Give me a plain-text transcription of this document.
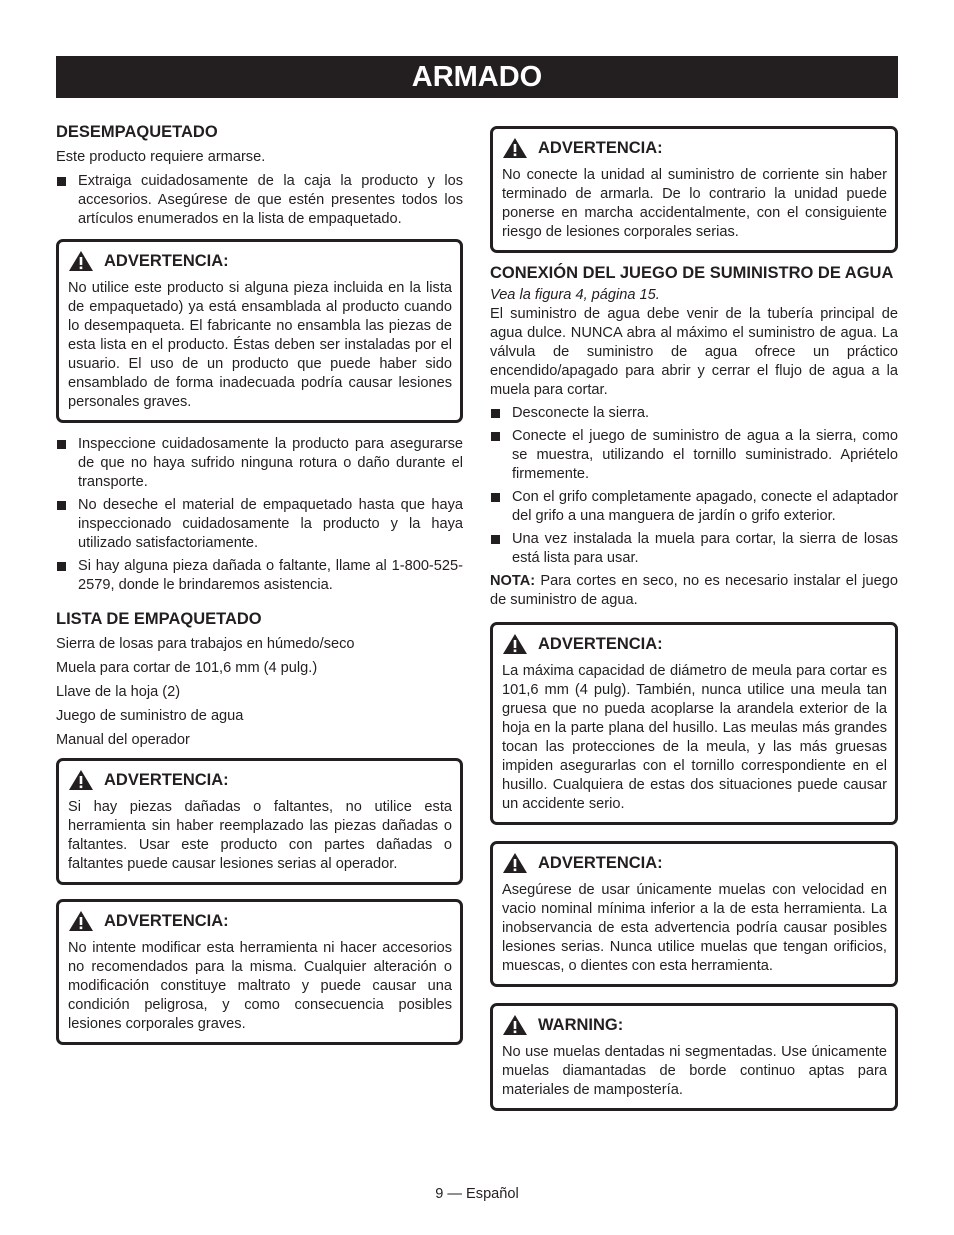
ARMADO
DESEMPAQUETADO

Este producto requiere armarse.

Extraiga cuidadosamente de la caja la producto y los accesorios. Asegúrese de que estén presentes todos los artículos enumerados en la lista de empaquetado.
ADVERTENCIA:

No utilice este producto si alguna pieza incluida en la lista de empaquetado) ya está ensamblada al producto cuando lo desempaqueta. El fabricante no ensambla las piezas de esta lista en el producto. Éstas deben ser instaladas por el usuario. El uso de un producto que puede haber sido ensamblado de forma inadecuada podría causar lesiones personales graves.

Inspeccione cuidadosamente la producto para asegurarse de que no haya sufrido ninguna rotura o daño durante el transporte.
No deseche el material de empaquetado hasta que haya inspeccionado cuidadosamente la producto y la haya utilizado satisfactoriamente.
Si hay alguna pieza dañada o faltante, llame al 1-800-525-2579, donde le brindaremos asistencia.
LISTA DE EMPAQUETADO

Sierra de losas para trabajos en húmedo/seco

Muela para cortar de 101,6 mm (4 pulg.)

Llave de la hoja (2)

Juego de suministro de agua

Manual del operador

ADVERTENCIA:

Si hay piezas dañadas o faltantes, no utilice esta herramienta sin haber reemplazado las piezas dañadas o faltantes. Usar este producto con partes dañadas o faltantes puede causar lesiones serias al operador.

ADVERTENCIA:

No intente modificar esta herramienta ni hacer accesorios no recomendados para la misma. Cualquier alteración o modificación constituye maltrato y puede causar una condición peligrosa, y como consecuencia posibles lesiones corporales graves.

ADVERTENCIA:

No conecte la unidad al suministro de corriente sin haber terminado de armarla. De lo contrario la unidad puede ponerse en marcha accidentalmente, con el consiguiente riesgo de lesiones corporales serias.

CONEXIÓN DEL JUEGO DE SUMINISTRO DE AGUA

Vea la figura 4, página 15.

El suministro de agua debe venir de la tubería principal de agua dulce. NUNCA abra al máximo el suministro de agua. La válvula de suministro de agua ofrece un práctico encendido/apagado para abrir y cerrar el flujo de agua a la muela para cortar.

Desconecte la sierra.
Conecte el juego de suministro de agua a la sierra, como se muestra, utilizando el tornillo suministrado. Apriételo firmemente.
Con el grifo completamente apagado, conecte el adaptador del grifo a una manguera de jardín o grifo exterior.
Una vez instalada la muela para cortar, la sierra de losas está lista para usar.

NOTA: Para cortes en seco, no es necesario instalar el juego de suministro de agua.

ADVERTENCIA:

La máxima capacidad de diámetro de meula para cortar es 101,6 mm (4 pulg). También, nunca utilice una meula tan gruesa que no pueda acoplarse la arandela exterior de la hoja en la parte plana del husillo. Las meulas más grandes tocan las protecciones de la meula, y las más gruesas impiden asegurarlas con el tornillo correspondiente en el husillo. Cualquiera de estas dos situaciones puede causar un accidente serio.

ADVERTENCIA:

Asegúrese de usar únicamente muelas con velocidad en vacio nominal mínima inferior a la de esta herramienta. La inobservancia de esta advertencia podría causar posibles lesiones serias. Nunca utilice muelas que tengan orificios, muescas, o dientes con esta herramienta.

WARNING:

No use muelas dentadas ni segmentadas. Use únicamente muelas diamantadas de borde continuo aptas para materiales de mampostería.

9 — Español
